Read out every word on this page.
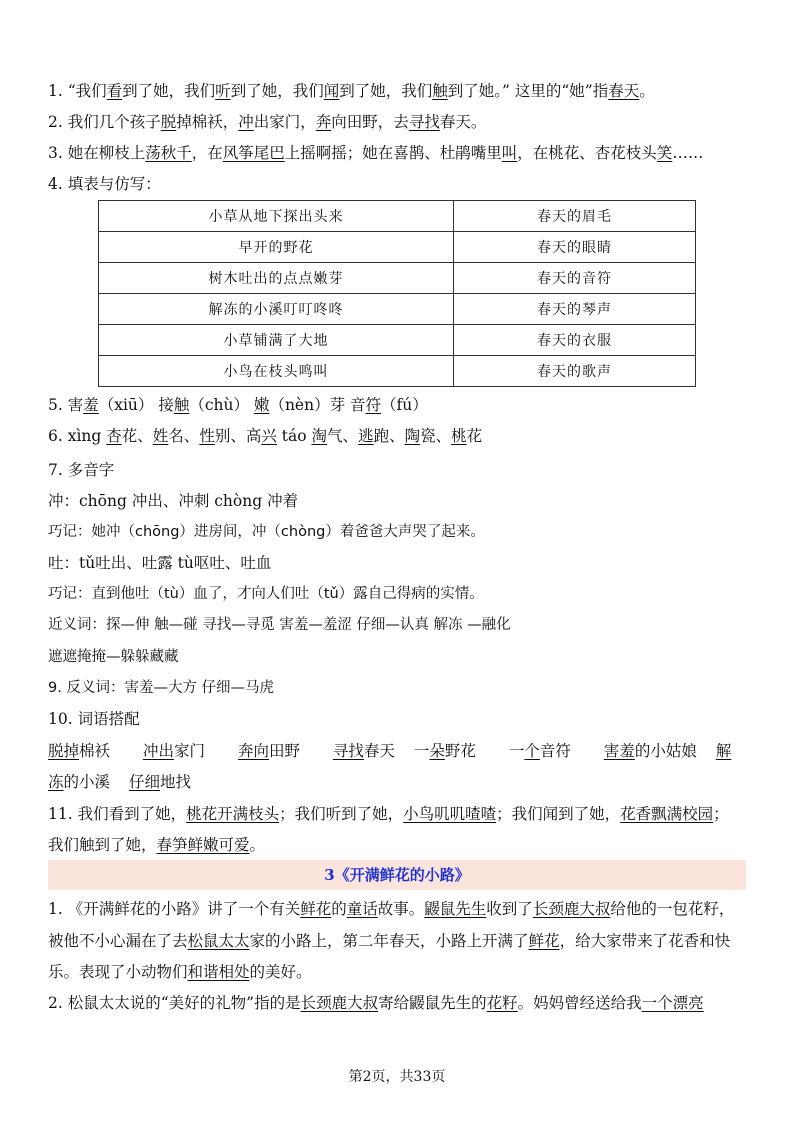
1. “我们看到了她，我们听到了她，我们闻到了她，我们触到了她。” 这里的“她”指春天。
2. 我们几个孩子脱掉棉袄，冲出家门，奔向田野，去寻找春天。
3. 她在柳枝上荡秋千，在风筝尾巴上摇啊摇；她在喜鹊、杜鹃嘴里叫，在桃花、杏花枝头笑……
4. 填表与仿写：
小草从地下探出头来	春天的眉毛
早开的野花	春天的眼睛
树木吐出的点点嫩芽	春天的音符
解冻的小溪叮叮咚咚	春天的琴声
小草铺满了大地	春天的衣服
小鸟在枝头鸣叫	春天的歌声
5. 害羞（xiū） 接触（chù） 嫩（nèn）芽 音符（fú）
6. xìng 杏花、姓名、性别、高兴 táo 淘气、逃跑、陶瓷、桃花
7. 多音字
冲：chōng 冲出、冲刺 chòng 冲着
巧记：她冲（chōng）进房间，冲（chòng）着爸爸大声哭了起来。
吐：tǔ吐出、吐露 tù呕吐、吐血
巧记：直到他吐（tù）血了，才向人们吐（tǔ）露自己得病的实情。
近义词：探—伸 触—碰 寻找—寻觅 害羞—羞涩 仔细—认真 解冻 —融化
遮遮掩掩—躲躲藏藏
9. 反义词：害羞—大方 仔细—马虎
10. 词语搭配
脱掉棉袄 冲出家门 奔向田野 寻找春天 一朵野花 一个音符 害羞的小姑娘 解
冻的小溪 仔细地找
11. 我们看到了她，桃花开满枝头；我们听到了她，小鸟叽叽喳喳；我们闻到了她，花香飘满校园；
我们触到了她，春笋鲜嫩可爱。
3《开满鲜花的小路》
1. 《开满鲜花的小路》讲了一个有关鲜花的童话故事。鼹鼠先生收到了长颈鹿大叔给他的一包花籽，
被他不小心漏在了去松鼠太太家的小路上，第二年春天，小路上开满了鲜花，给大家带来了花香和快
乐。表现了小动物们和谐相处的美好。
2. 松鼠太太说的“美好的礼物”指的是长颈鹿大叔寄给鼹鼠先生的花籽。妈妈曾经送给我一个漂亮
第2页，共33页
